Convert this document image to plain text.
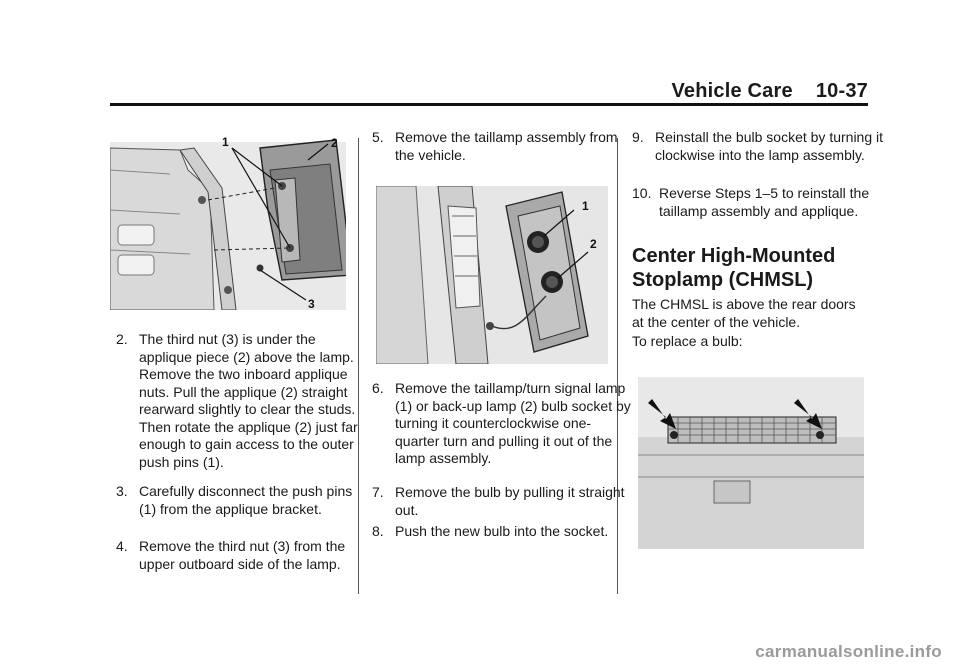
Vehicle Care 10-37
1	2
3
2. The third nut (3) is under the applique piece (2) above the lamp. Remove the two inboard applique nuts. Pull the applique (2) straight rearward slightly to clear the studs. Then rotate the applique (2) just far enough to gain access to the outer push pins (1).
3. Carefully disconnect the push pins (1) from the applique bracket.
4. Remove the third nut (3) from the upper outboard side of the lamp.
5. Remove the taillamp assembly from the vehicle.
1
2
6. Remove the taillamp/turn signal lamp (1) or back-up lamp (2) bulb socket by turning it counterclockwise one-quarter turn and pulling it out of the lamp assembly.
7. Remove the bulb by pulling it straight out.
8. Push the new bulb into the socket.
9. Reinstall the bulb socket by turning it clockwise into the lamp assembly.
10. Reverse Steps 1–5 to reinstall the taillamp assembly and applique.
Center High-Mounted Stoplamp (CHMSL)
The CHMSL is above the rear doors at the center of the vehicle.
To replace a bulb:
carmanualsonline.info
